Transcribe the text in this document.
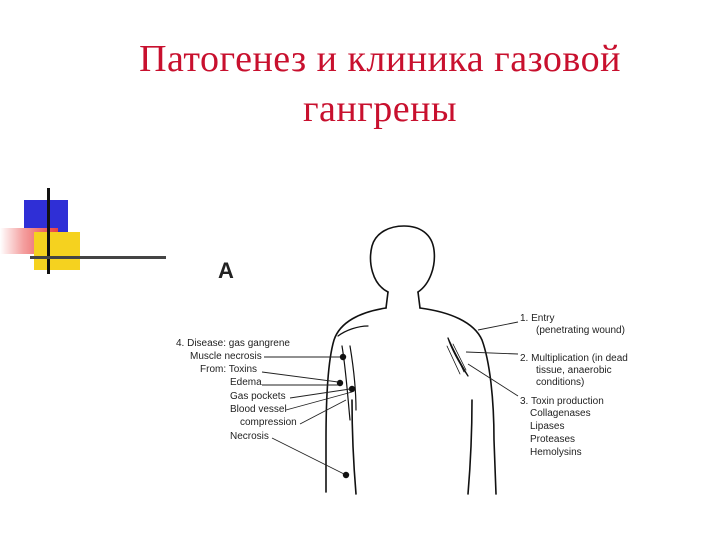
Патогенез и клиника газовой
гангрены
A
1. Entry
(penetrating wound)
2. Multiplication (in dead
tissue, anaerobic
conditions)
3. Toxin production
Collagenases
Lipases
Proteases
Hemolysins
4. Disease: gas gangrene
Muscle necrosis
From: Toxins
Edema
Gas pockets
Blood vessel
compression
Necrosis
